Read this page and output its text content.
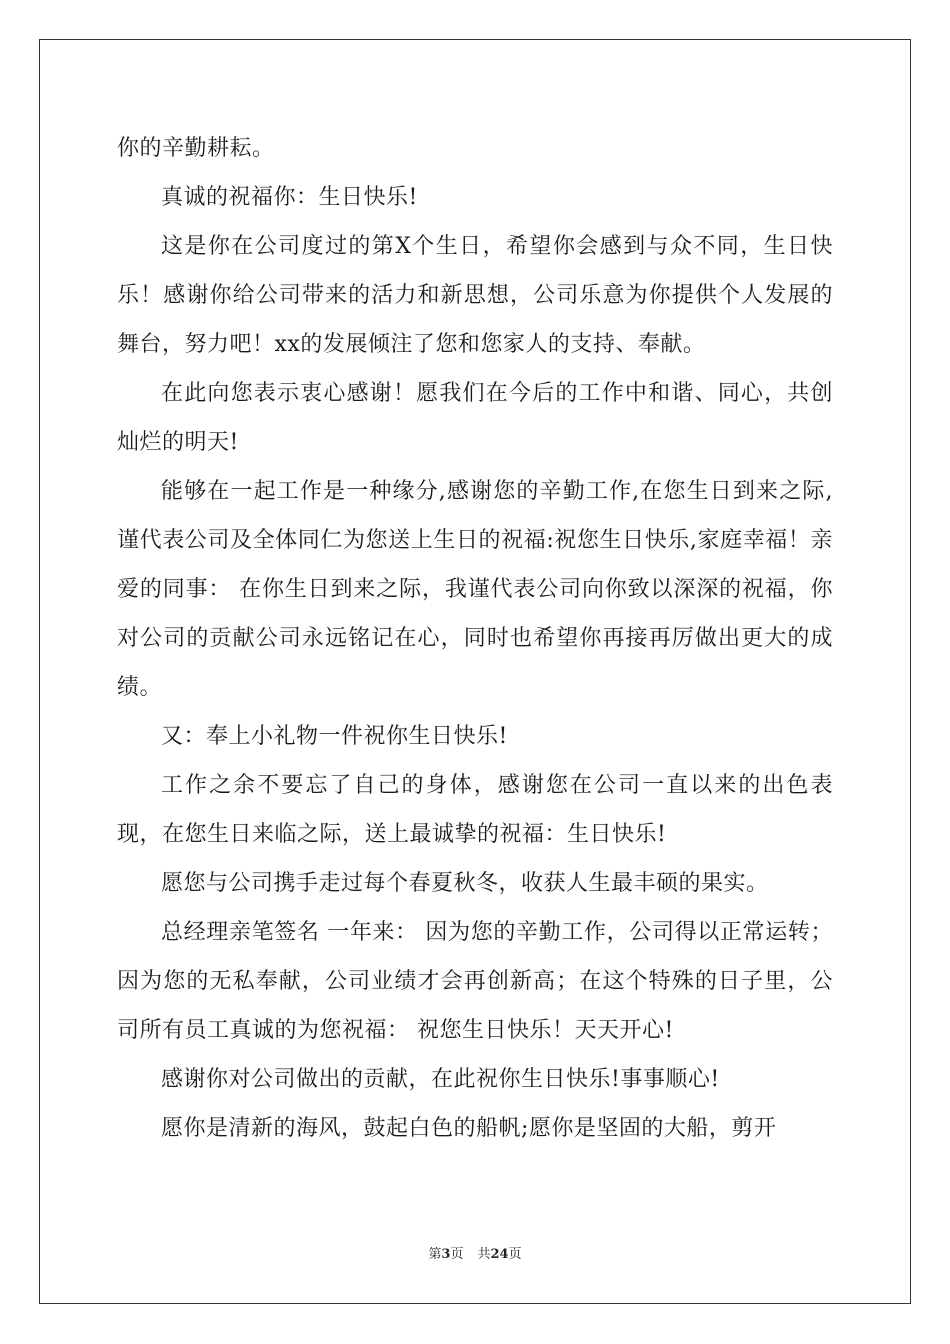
你的辛勤耕耘。

真诚的祝福你：生日快乐!

这是你在公司度过的第X个生日，希望你会感到与众不同，生日快乐！感谢你给公司带来的活力和新思想，公司乐意为你提供个人发展的舞台，努力吧！xx的发展倾注了您和您家人的支持、奉献。

在此向您表示衷心感谢！愿我们在今后的工作中和谐、同心，共创灿烂的明天!

能够在一起工作是一种缘分,感谢您的辛勤工作,在您生日到来之际,谨代表公司及全体同仁为您送上生日的祝福:祝您生日快乐,家庭幸福！亲爱的同事： 在你生日到来之际，我谨代表公司向你致以深深的祝福，你对公司的贡献公司永远铭记在心，同时也希望你再接再厉做出更大的成绩。

又：奉上小礼物一件祝你生日快乐!

工作之余不要忘了自己的身体，感谢您在公司一直以来的出色表现，在您生日来临之际，送上最诚挚的祝福：生日快乐!

愿您与公司携手走过每个春夏秋冬，收获人生最丰硕的果实。

总经理亲笔签名 一年来： 因为您的辛勤工作，公司得以正常运转；因为您的无私奉献，公司业绩才会再创新高；在这个特殊的日子里，公司所有员工真诚的为您祝福： 祝您生日快乐！天天开心!

感谢你对公司做出的贡献，在此祝你生日快乐!事事顺心!

愿你是清新的海风，鼓起白色的船帆;愿你是坚固的大船，剪开

第3页 共24页
